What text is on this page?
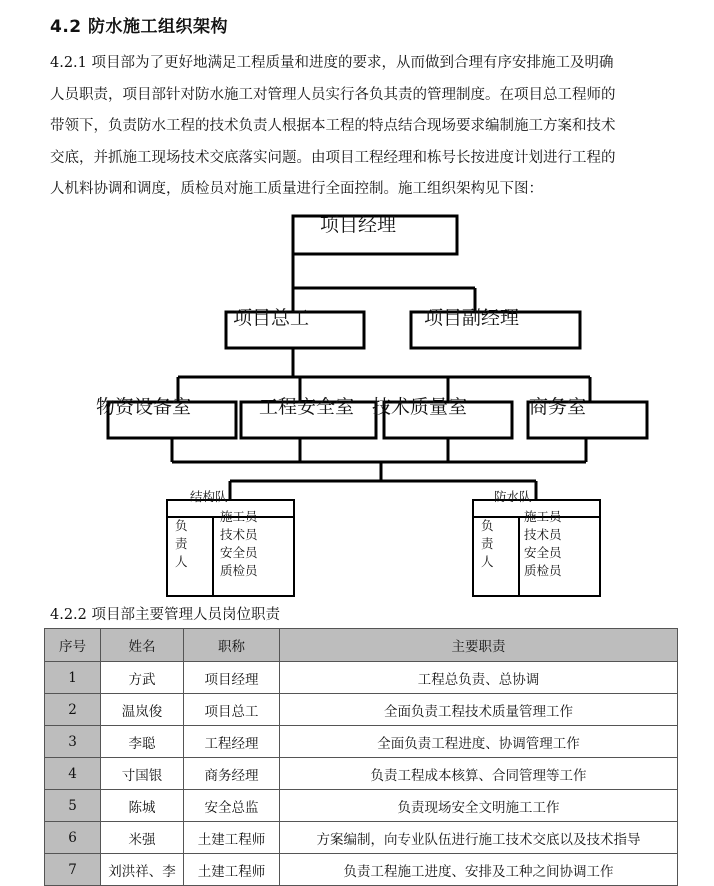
4.2 防水施工组织架构
4.2.1 项目部为了更好地满足工程质量和进度的要求，从而做到合理有序安排施工及明确
人员职责，项目部针对防水施工对管理人员实行各负其责的管理制度。在项目总工程师的
带领下，负责防水工程的技术负责人根据本工程的特点结合现场要求编制施工方案和技术
交底，并抓施工现场技术交底落实问题。由项目工程经理和栋号长按进度计划进行工程的
人机料协调和调度，质检员对施工质量进行全面控制。施工组织架构见下图：
项目经理
项目总工	项目副经理
物资设备室	工程安全室 技术质量室	商务室
结构队
负
责
人
施工员
技术员
安全员
质检员
防水队
负
责
人
施工员
技术员
安全员
质检员
4.2.2 项目部主要管理人员岗位职责
序号	姓名	职称	主要职责
1	方武	项目经理	工程总负责、总协调
2	温岚俊	项目总工	全面负责工程技术质量管理工作
3	李聪	工程经理	全面负责工程进度、协调管理工作
4	寸国银	商务经理	负责工程成本核算、合同管理等工作
5	陈城	安全总监	负责现场安全文明施工工作
6	米强	土建工程师	方案编制，向专业队伍进行施工技术交底以及技术指导
7	刘洪祥、李	土建工程师	负责工程施工进度、安排及工种之间协调工作
